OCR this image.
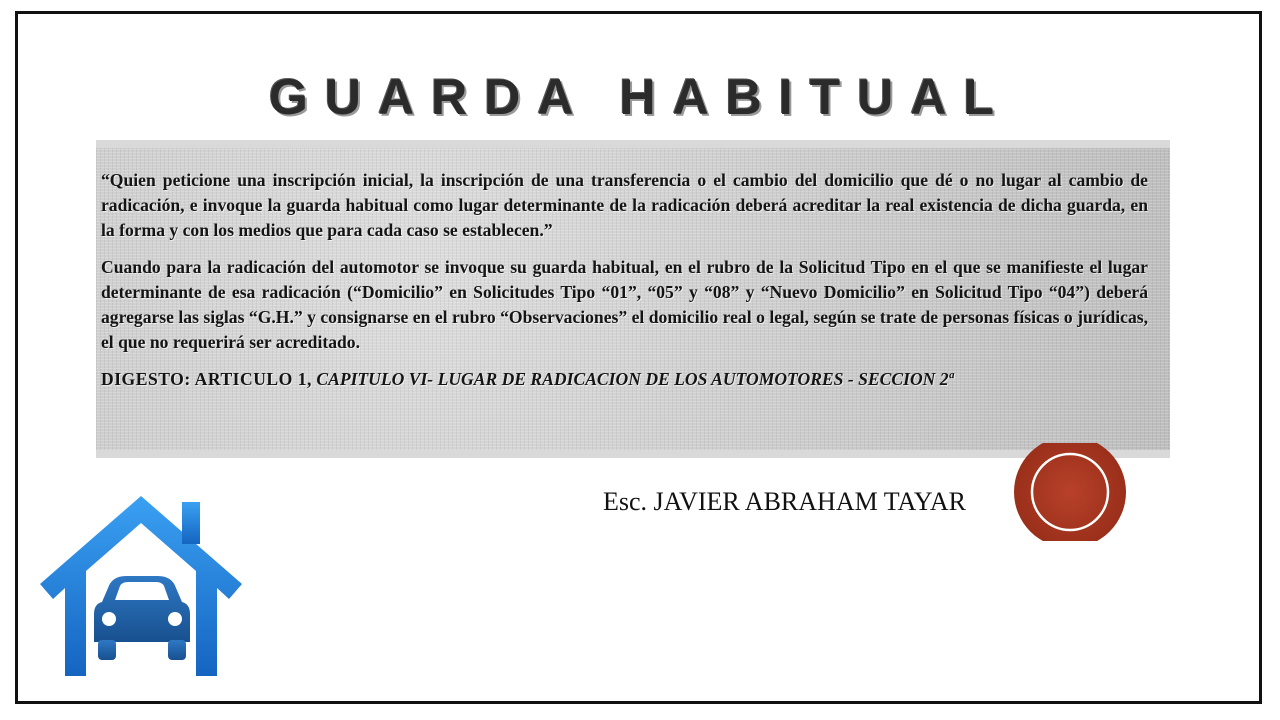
GUARDA HABITUAL

“Quien peticione una inscripción inicial, la inscripción de una transferencia o el cambio del domicilio que dé o no lugar al cambio de radicación, e invoque la guarda habitual como lugar determinante de la radicación deberá acreditar la real existencia de dicha guarda, en la forma y con los medios que para cada caso se establecen.”

Cuando para la radicación del automotor se invoque su guarda habitual, en el rubro de la Solicitud Tipo en el que se manifieste el lugar determinante de esa radicación (“Domicilio” en Solicitudes Tipo “01”, “05” y “08” y “Nuevo Domicilio” en Solicitud Tipo “04”) deberá agregarse las siglas “G.H.” y consignarse en el rubro “Observaciones” el domicilio real o legal, según se trate de personas físicas o jurídicas, el que no requerirá ser acreditado.

DIGESTO: ARTICULO 1, CAPITULO VI- LUGAR DE RADICACION DE LOS AUTOMOTORES - SECCION 2ª

Esc. JAVIER ABRAHAM TAYAR
